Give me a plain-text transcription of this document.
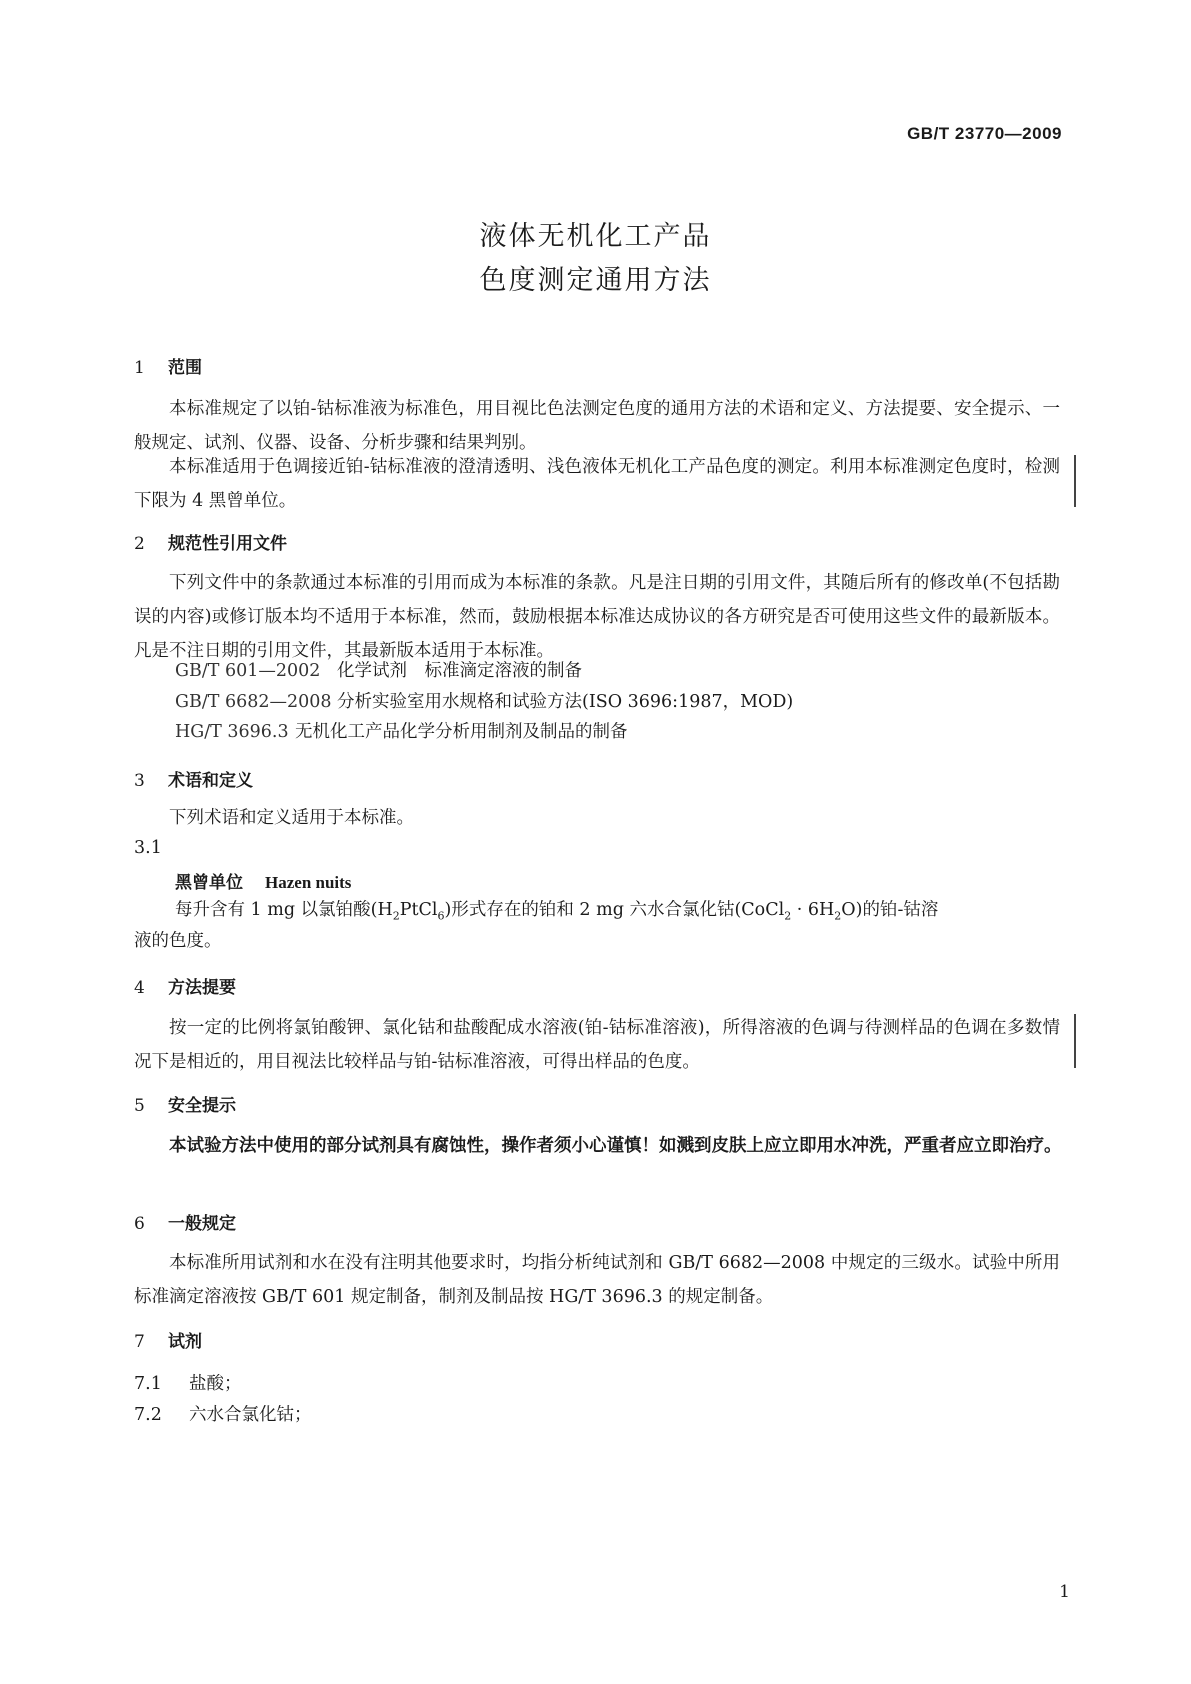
GB/T 23770—2009
液体无机化工产品
色度测定通用方法
1 范围
本标准规定了以铂-钴标准液为标准色，用目视比色法测定色度的通用方法的术语和定义、方法提要、安全提示、一般规定、试剂、仪器、设备、分析步骤和结果判别。
本标准适用于色调接近铂-钴标准液的澄清透明、浅色液体无机化工产品色度的测定。利用本标准测定色度时，检测下限为 4 黑曾单位。
2 规范性引用文件
下列文件中的条款通过本标准的引用而成为本标准的条款。凡是注日期的引用文件，其随后所有的修改单(不包括勘误的内容)或修订版本均不适用于本标准，然而，鼓励根据本标准达成协议的各方研究是否可使用这些文件的最新版本。凡是不注日期的引用文件，其最新版本适用于本标准。
GB/T 601—2002 化学试剂　标准滴定溶液的制备
GB/T 6682—2008 分析实验室用水规格和试验方法(ISO 3696:1987，MOD)
HG/T 3696.3 无机化工产品化学分析用制剂及制品的制备
3 术语和定义
下列术语和定义适用于本标准。
3.1
黑曾单位 Hazen nuits
每升含有 1 mg 以氯铂酸$(H_2PtCl_6)$形式存在的铂和 2 mg 六水合氯化钴(CoCl$_2$ · $6H_2O$)的铂-钴溶
液的色度。
4 方法提要
按一定的比例将氯铂酸钾、氯化钴和盐酸配成水溶液(铂-钴标准溶液)，所得溶液的色调与待测样品的色调在多数情况下是相近的，用目视法比较样品与铂-钴标准溶液，可得出样品的色度。
5 安全提示
本试验方法中使用的部分试剂具有腐蚀性，操作者须小心谨慎！如溅到皮肤上应立即用水冲洗，严重者应立即治疗。
6 一般规定
本标准所用试剂和水在没有注明其他要求时，均指分析纯试剂和 GB/T 6682—2008 中规定的三级水。试验中所用标准滴定溶液按 GB/T 601 规定制备，制剂及制品按 HG/T 3696.3 的规定制备。
7 试剂
7.1 盐酸；
7.2 六水合氯化钴；
1
